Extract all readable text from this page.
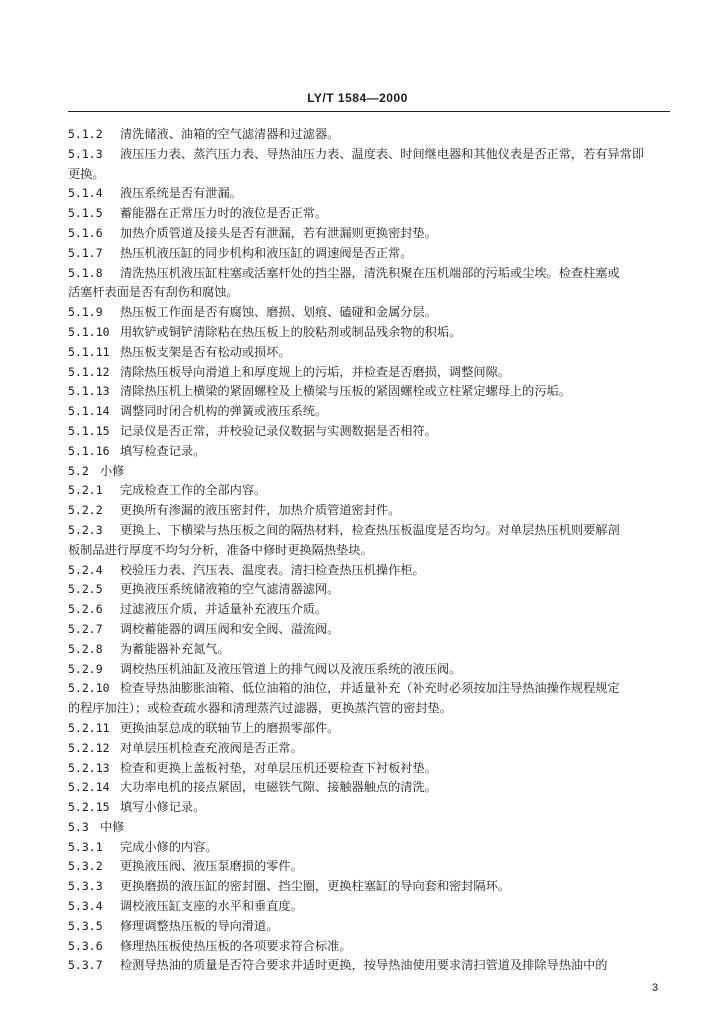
LY/T 1584—2000
5.1.2 清洗储液、油箱的空气滤清器和过滤器。
5.1.3 液压压力表、蒸汽压力表、导热油压力表、温度表、时间继电器和其他仪表是否正常，若有异常即
更换。
5.1.4 液压系统是否有泄漏。
5.1.5 蓄能器在正常压力时的液位是否正常。
5.1.6 加热介质管道及接头是否有泄漏，若有泄漏则更换密封垫。
5.1.7 热压机液压缸的同步机构和液压缸的调速阀是否正常。
5.1.8 清洗热压机液压缸柱塞或活塞杆处的挡尘器，清洗积聚在压机端部的污垢或尘埃。检查柱塞或
活塞杆表面是否有刮伤和腐蚀。
5.1.9 热压板工作面是否有腐蚀、磨损、划痕、磕碰和金属分层。
5.1.10 用软铲或铜铲清除粘在热压板上的胶粘剂或制品残余物的积垢。
5.1.11 热压板支架是否有松动或损坏。
5.1.12 清除热压板导向滑道上和厚度规上的污垢，并检查是否磨损，调整间隙。
5.1.13 清除热压机上横梁的紧固螺栓及上横梁与压板的紧固螺栓或立柱紧定螺母上的污垢。
5.1.14 调整同时闭合机构的弹簧或液压系统。
5.1.15 记录仪是否正常，并校验记录仪数据与实测数据是否相符。
5.1.16 填写检查记录。
5.2 小修
5.2.1 完成检查工作的全部内容。
5.2.2 更换所有渗漏的液压密封件，加热介质管道密封件。
5.2.3 更换上、下横梁与热压板之间的隔热材料，检查热压板温度是否均匀。对单层热压机则要解剖
板制品进行厚度不均匀分析，准备中修时更换隔热垫块。
5.2.4 校验压力表、汽压表、温度表。清扫检查热压机操作柜。
5.2.5 更换液压系统储液箱的空气滤清器滤网。
5.2.6 过滤液压介质，并适量补充液压介质。
5.2.7 调校蓄能器的调压阀和安全阀、溢流阀。
5.2.8 为蓄能器补充氮气。
5.2.9 调校热压机油缸及液压管道上的排气阀以及液压系统的液压阀。
5.2.10 检查导热油膨胀油箱、低位油箱的油位，并适量补充（补充时必须按加注导热油操作规程规定
的程序加注）；或检查疏水器和清理蒸汽过滤器，更换蒸汽管的密封垫。
5.2.11 更换油泵总成的联轴节上的磨损零部件。
5.2.12 对单层压机检查充液阀是否正常。
5.2.13 检查和更换上盖板衬垫，对单层压机还要检查下衬板衬垫。
5.2.14 大功率电机的接点紧固，电磁铁气隙、接触器触点的清洗。
5.2.15 填写小修记录。
5.3 中修
5.3.1 完成小修的内容。
5.3.2 更换液压阀、液压泵磨损的零件。
5.3.3 更换磨损的液压缸的密封圈、挡尘圈，更换柱塞缸的导向套和密封隔环。
5.3.4 调校液压缸支座的水平和垂直度。
5.3.5 修理调整热压板的导向滑道。
5.3.6 修理热压板使热压板的各项要求符合标准。
5.3.7 检测导热油的质量是否符合要求并适时更换，按导热油使用要求清扫管道及排除导热油中的
3
